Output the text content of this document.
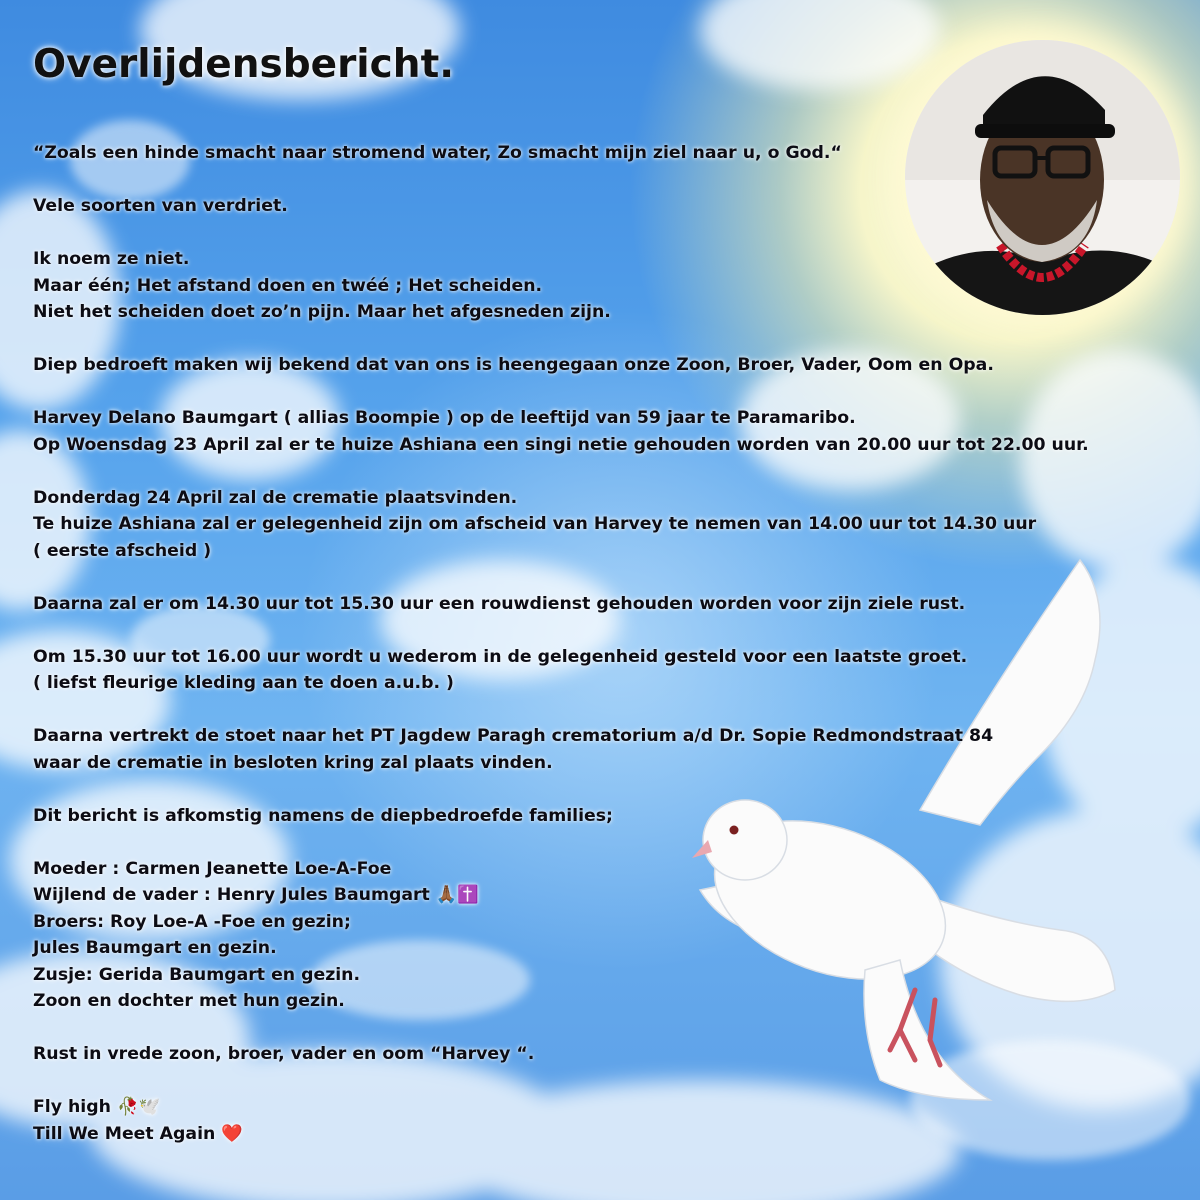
Overlijdensbericht.
“Zoals een hinde smacht naar stromend water, Zo smacht mijn ziel naar u, o God.“
Vele soorten van verdriet.
Ik noem ze niet.
Maar één; Het afstand doen en twéé ; Het scheiden.
Niet het scheiden doet zo’n pijn. Maar het afgesneden zijn.
Diep bedroeft maken wij bekend dat van ons is heengegaan onze Zoon, Broer, Vader, Oom en Opa.
Harvey Delano Baumgart ( allias Boompie ) op de leeftijd van 59 jaar te Paramaribo.
Op Woensdag 23 April zal er te huize Ashiana een singi netie gehouden worden van 20.00 uur tot 22.00 uur.
Donderdag 24 April zal de crematie plaatsvinden.
Te huize Ashiana zal er gelegenheid zijn om afscheid van Harvey te nemen van 14.00 uur tot 14.30 uur
( eerste afscheid )
Daarna zal er om 14.30 uur tot 15.30 uur een rouwdienst gehouden worden voor zijn ziele rust.
Om 15.30 uur tot 16.00 uur wordt u wederom in de gelegenheid gesteld voor een laatste groet.
( liefst fleurige kleding aan te doen a.u.b. )
Daarna vertrekt de stoet naar het PT Jagdew Paragh crematorium a/d Dr. Sopie Redmondstraat 84
waar de crematie in besloten kring zal plaats vinden.
Dit bericht is afkomstig namens de diepbedroefde families;
Moeder : Carmen Jeanette Loe-A-Foe
Wijlend de vader : Henry Jules Baumgart 🙏🏾✝️
Broers: Roy Loe-A -Foe en gezin;
Jules Baumgart en gezin.
Zusje: Gerida Baumgart en gezin.
Zoon en dochter met hun gezin.
Rust in vrede zoon, broer, vader en oom “Harvey “.
Fly high 🥀🕊️
Till We Meet Again ❤️
